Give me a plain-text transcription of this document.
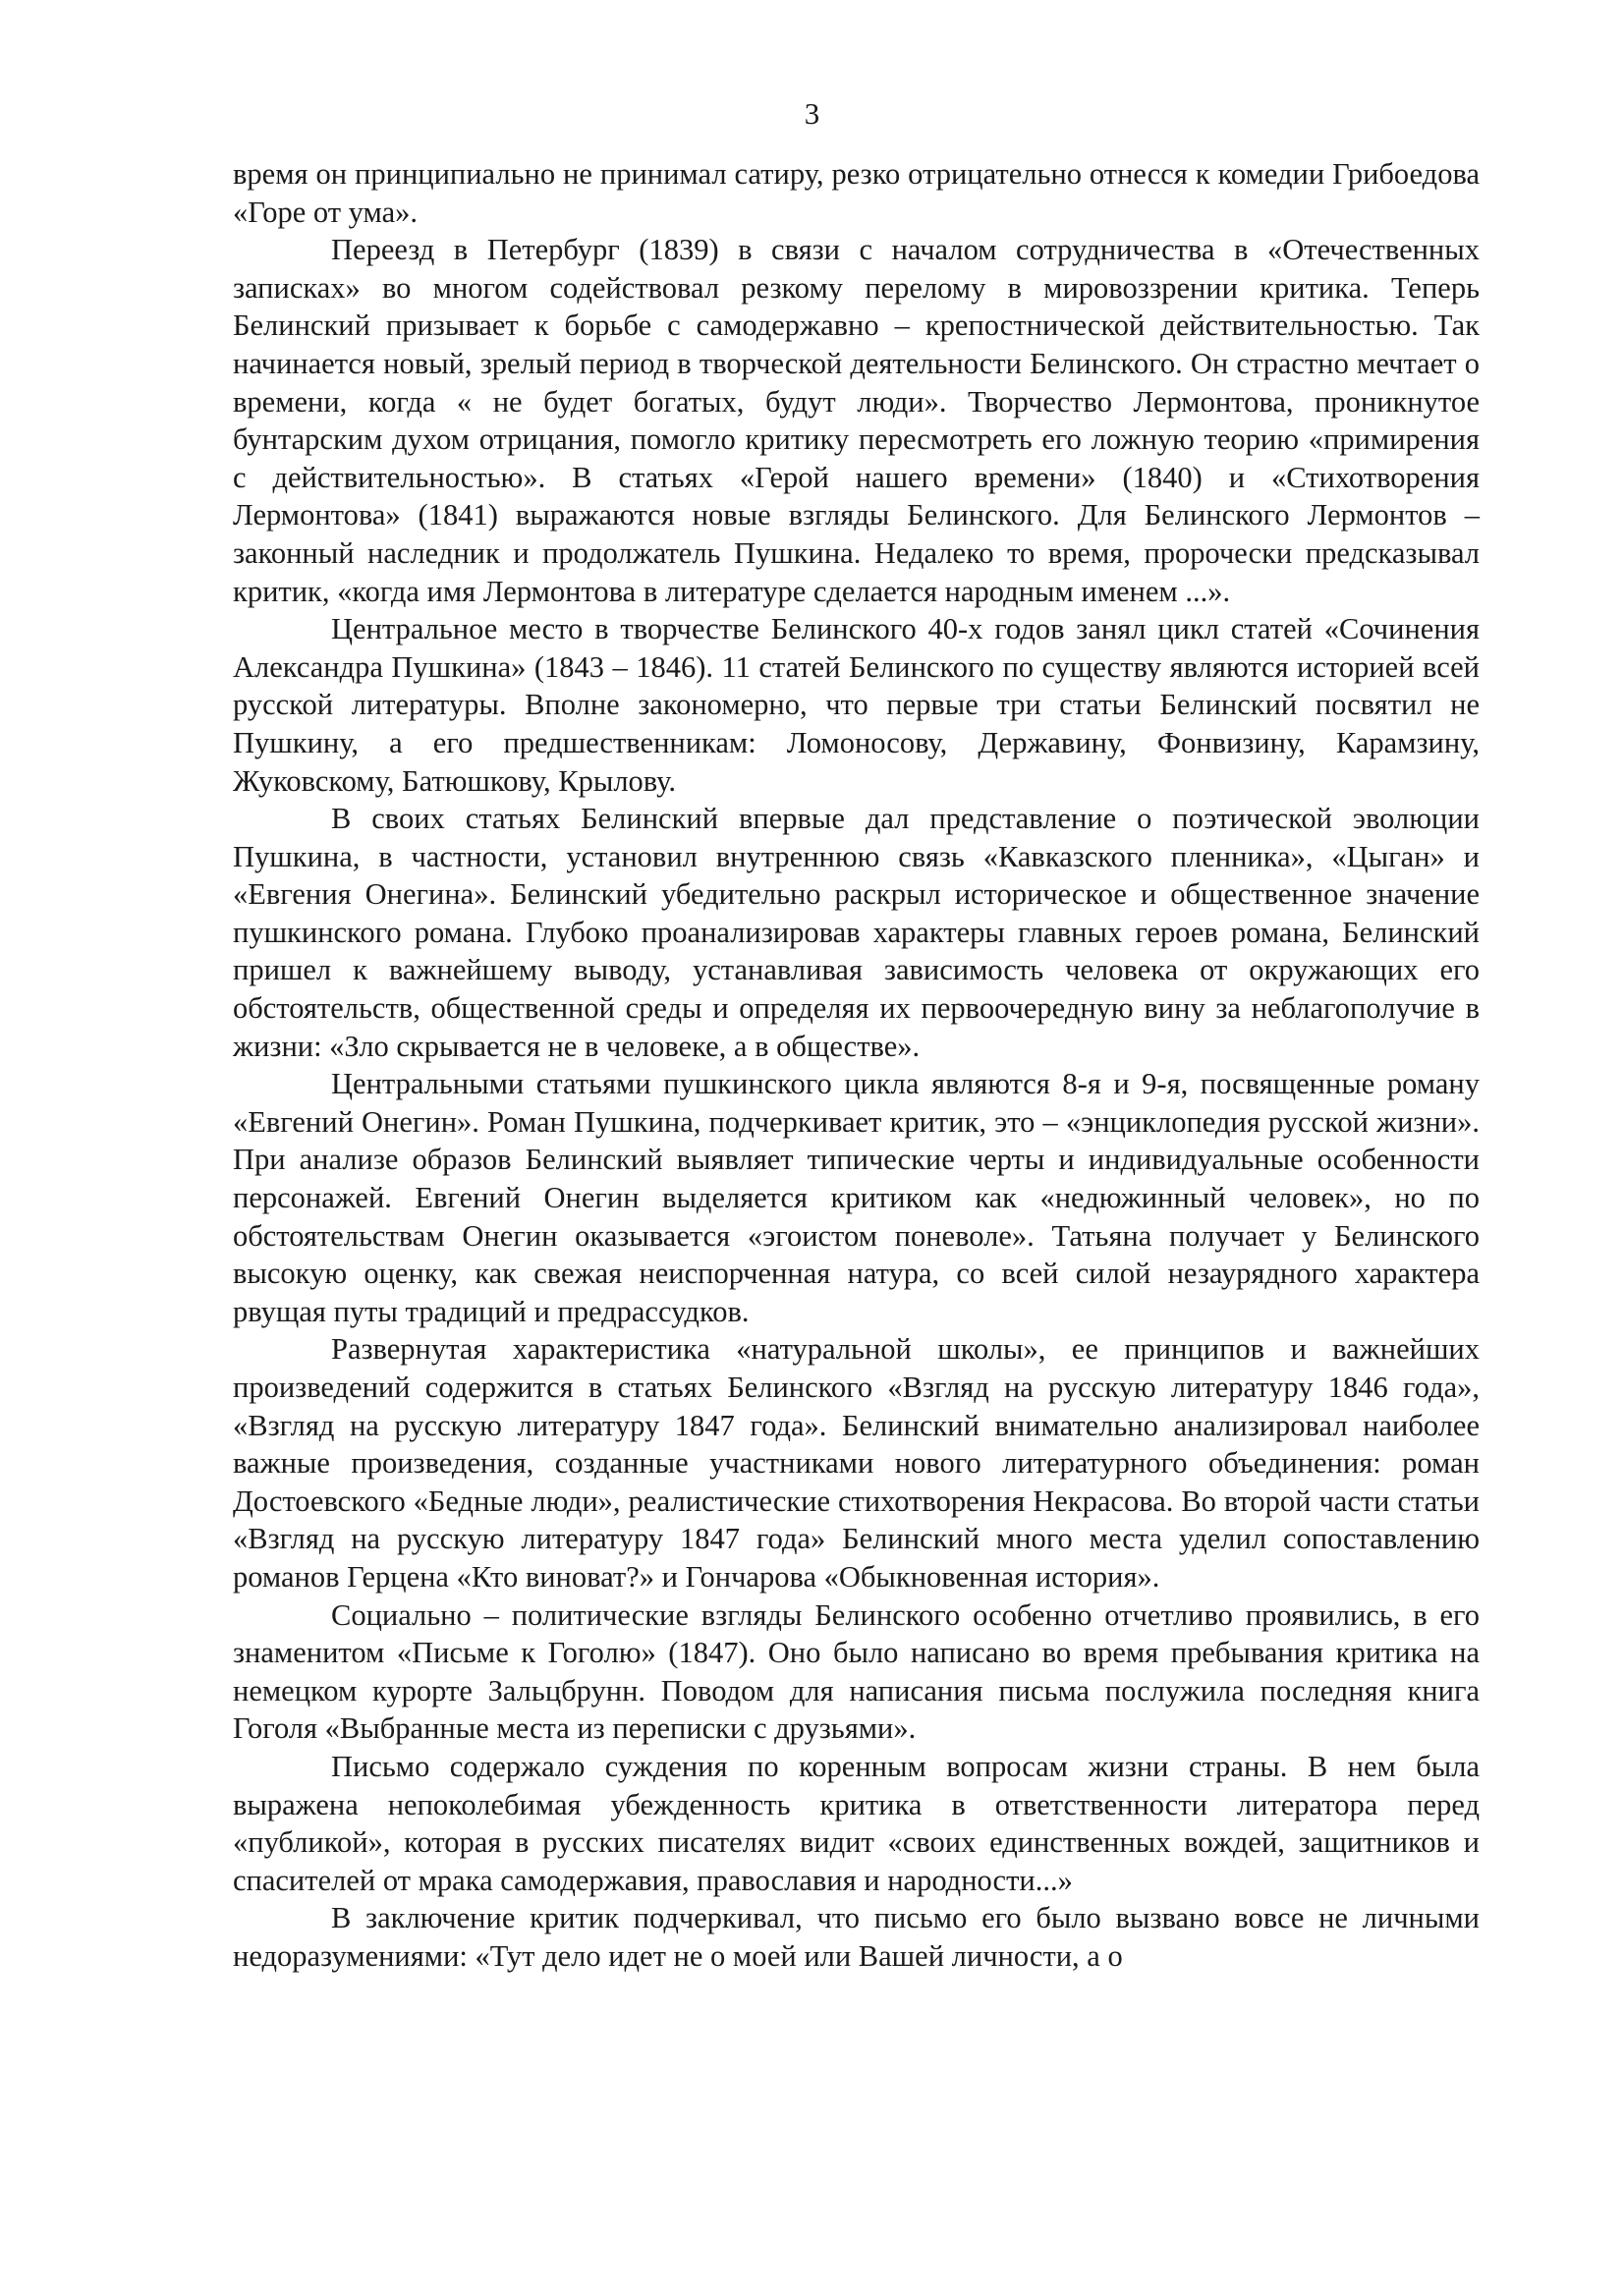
3

время он принципиально не принимал сатиру, резко отрицательно отнесся к комедии Грибоедова «Горе от ума».

Переезд в Петербург (1839) в связи с началом сотрудничества в «Отечественных записках» во многом содействовал резкому перелому в мировоззрении критика. Теперь Белинский призывает к борьбе с самодержавно – крепостнической действительностью. Так начинается новый, зрелый период в творческой деятельности Белинского. Он страстно мечтает о времени, когда « не будет богатых, будут люди». Творчество Лермонтова, проникнутое бунтарским духом отрицания, помогло критику пересмотреть его ложную теорию «примирения с действительностью». В статьях «Герой нашего времени» (1840) и «Стихотворения Лермонтова» (1841) выражаются новые взгляды Белинского. Для Белинского Лермонтов – законный наследник и продолжатель Пушкина. Недалеко то время, пророчески предсказывал критик, «когда имя Лермонтова в литературе сделается народным именем ...».

Центральное место в творчестве Белинского 40-х годов занял цикл статей «Сочинения Александра Пушкина» (1843 – 1846). 11 статей Белинского по существу являются историей всей русской литературы. Вполне закономерно, что первые три статьи Белинский посвятил не Пушкину, а его предшественникам: Ломоносову, Державину, Фонвизину, Карамзину, Жуковскому, Батюшкову, Крылову.

В своих статьях Белинский впервые дал представление о поэтической эволюции Пушкина, в частности, установил внутреннюю связь «Кавказского пленника», «Цыган» и «Евгения Онегина». Белинский убедительно раскрыл историческое и общественное значение пушкинского романа. Глубоко проанализировав характеры главных героев романа, Белинский пришел к важнейшему выводу, устанавливая зависимость человека от окружающих его обстоятельств, общественной среды и определяя их первоочередную вину за неблагополучие в жизни: «Зло скрывается не в человеке, а в обществе».

Центральными статьями пушкинского цикла являются 8-я и 9-я, посвященные роману «Евгений Онегин». Роман Пушкина, подчеркивает критик, это – «энциклопедия русской жизни». При анализе образов Белинский выявляет типические черты и индивидуальные особенности персонажей. Евгений Онегин выделяется критиком как «недюжинный человек», но по обстоятельствам Онегин оказывается «эгоистом поневоле». Татьяна получает у Белинского высокую оценку, как свежая неиспорченная натура, со всей силой незаурядного характера рвущая путы традиций и предрассудков.

Развернутая характеристика «натуральной школы», ее принципов и важнейших произведений содержится в статьях Белинского «Взгляд на русскую литературу 1846 года», «Взгляд на русскую литературу 1847 года». Белинский внимательно анализировал наиболее важные произведения, созданные участниками нового литературного объединения: роман Достоевского «Бедные люди», реалистические стихотворения Некрасова. Во второй части статьи «Взгляд на русскую литературу 1847 года» Белинский много места уделил сопоставлению романов Герцена «Кто виноват?» и Гончарова «Обыкновенная история».

Социально – политические взгляды Белинского особенно отчетливо проявились, в его знаменитом «Письме к Гоголю» (1847). Оно было написано во время пребывания критика на немецком курорте Зальцбрунн. Поводом для написания письма послужила последняя книга Гоголя «Выбранные места из переписки с друзьями».

Письмо содержало суждения по коренным вопросам жизни страны. В нем была выражена непоколебимая убежденность критика в ответственности литератора перед «публикой», которая в русских писателях видит «своих единственных вождей, защитников и спасителей от мрака самодержавия, православия и народности...»

В заключение критик подчеркивал, что письмо его было вызвано вовсе не личными недоразумениями: «Тут дело идет не о моей или Вашей личности, а о
